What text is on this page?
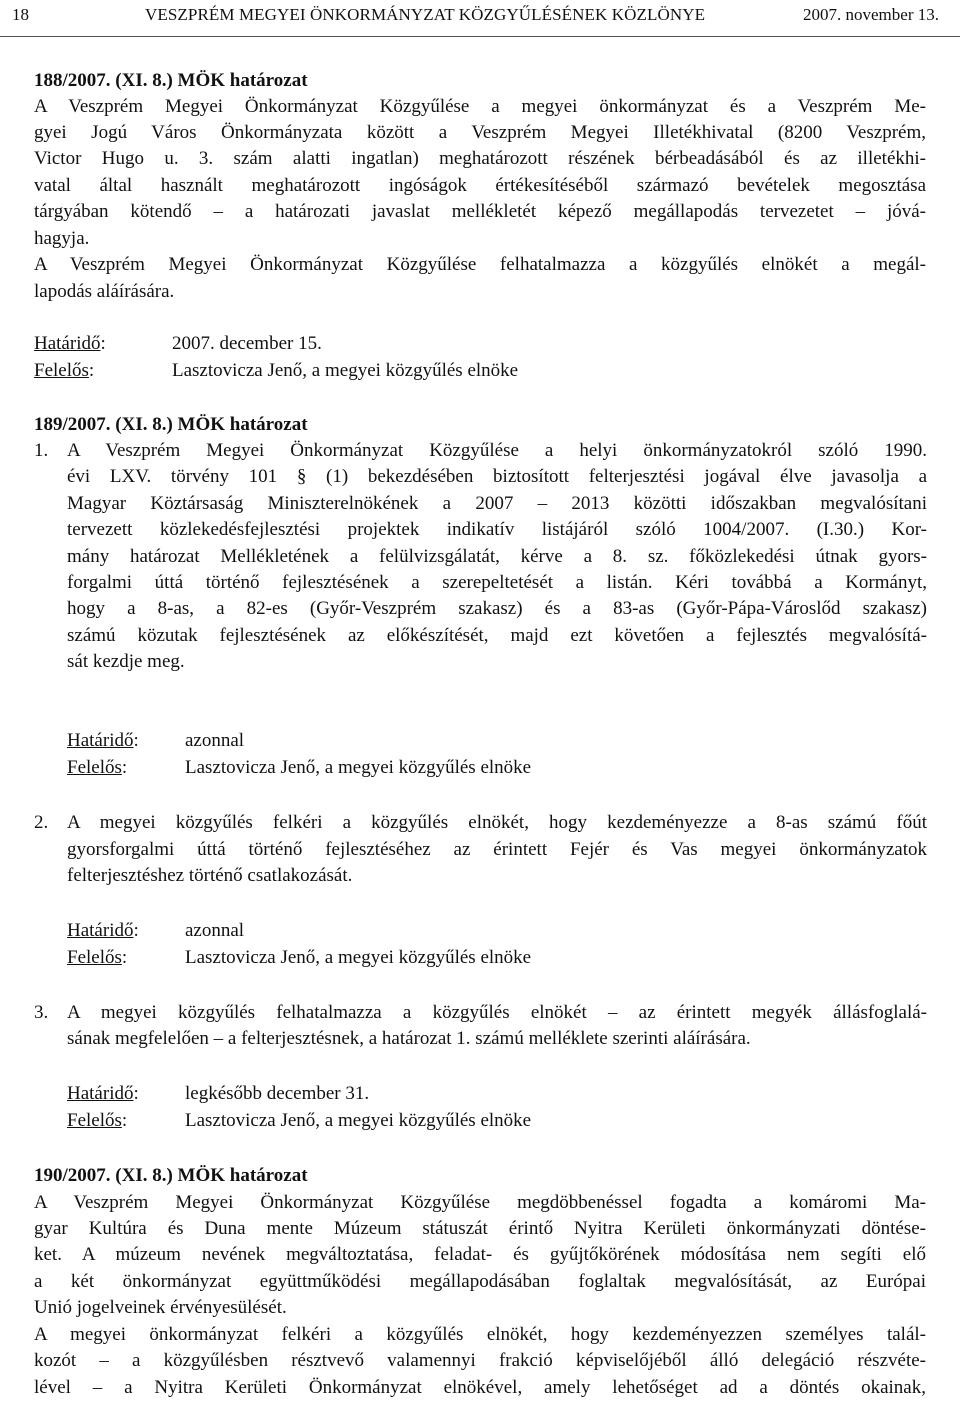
18	VESZPRÉM MEGYEI ÖNKORMÁNYZAT KÖZGYŰLÉSÉNEK KÖZLÖNYE	2007. november 13.
188/2007. (XI. 8.) MÖK határozat
A Veszprém Megyei Önkormányzat Közgyűlése a megyei önkormányzat és a Veszprém Me-
gyei Jogú Város Önkormányzata között a Veszprém Megyei Illetékhivatal (8200 Veszprém,
Victor Hugo u. 3. szám alatti ingatlan) meghatározott részének bérbeadásából és az illetékhi-
vatal által használt meghatározott ingóságok értékesítéséből származó bevételek megosztása
tárgyában kötendő – a határozati javaslat mellékletét képező megállapodás tervezetet – jóvá-
hagyja.
A Veszprém Megyei Önkormányzat Közgyűlése felhatalmazza a közgyűlés elnökét a megál-
lapodás aláírására.
Határidő:	2007. december 15.
Felelős:	Lasztovicza Jenő, a megyei közgyűlés elnöke
189/2007. (XI. 8.) MÖK határozat
1. A Veszprém Megyei Önkormányzat Közgyűlése a helyi önkormányzatokról szóló 1990.
évi LXV. törvény 101 § (1) bekezdésében biztosított felterjesztési jogával élve javasolja a
Magyar Köztársaság Miniszterelnökének a 2007 – 2013 közötti időszakban megvalósítani
tervezett közlekedésfejlesztési projektek indikatív listájáról szóló 1004/2007. (I.30.) Kor-
mány határozat Mellékletének a felülvizsgálatát, kérve a 8. sz. főközlekedési útnak gyors-
forgalmi úttá történő fejlesztésének a szerepeltetését a listán. Kéri továbbá a Kormányt,
hogy a 8-as, a 82-es (Győr-Veszprém szakasz) és a 83-as (Győr-Pápa-Városlőd szakasz)
számú közutak fejlesztésének az előkészítését, majd ezt követően a fejlesztés megvalósítá-
sát kezdje meg.
Határidő: azonnal
Felelős:	Lasztovicza Jenő, a megyei közgyűlés elnöke
2. A megyei közgyűlés felkéri a közgyűlés elnökét, hogy kezdeményezze a 8-as számú főút
gyorsforgalmi úttá történő fejlesztéséhez az érintett Fejér és Vas megyei önkormányzatok
felterjesztéshez történő csatlakozását.
Határidő: azonnal
Felelős:	Lasztovicza Jenő, a megyei közgyűlés elnöke
3. A megyei közgyűlés felhatalmazza a közgyűlés elnökét – az érintett megyék állásfoglalá-
sának megfelelően – a felterjesztésnek, a határozat 1. számú melléklete szerinti aláírására.
Határidő: legkésőbb december 31.
Felelős:	Lasztovicza Jenő, a megyei közgyűlés elnöke
190/2007. (XI. 8.) MÖK határozat
A Veszprém Megyei Önkormányzat Közgyűlése megdöbbenéssel fogadta a komáromi Ma-
gyar Kultúra és Duna mente Múzeum státuszát érintő Nyitra Kerületi önkormányzati döntése-
ket. A múzeum nevének megváltoztatása, feladat- és gyűjtőkörének módosítása nem segíti elő
a két önkormányzat együttműködési megállapodásában foglaltak megvalósítását, az Európai
Unió jogelveinek érvényesülését.
A megyei önkormányzat felkéri a közgyűlés elnökét, hogy kezdeményezzen személyes talál-
kozót – a közgyűlésben résztvevő valamennyi frakció képviselőjéből álló delegáció részvéte-
lével – a Nyitra Kerületi Önkormányzat elnökével, amely lehetőséget ad a döntés okainak,
